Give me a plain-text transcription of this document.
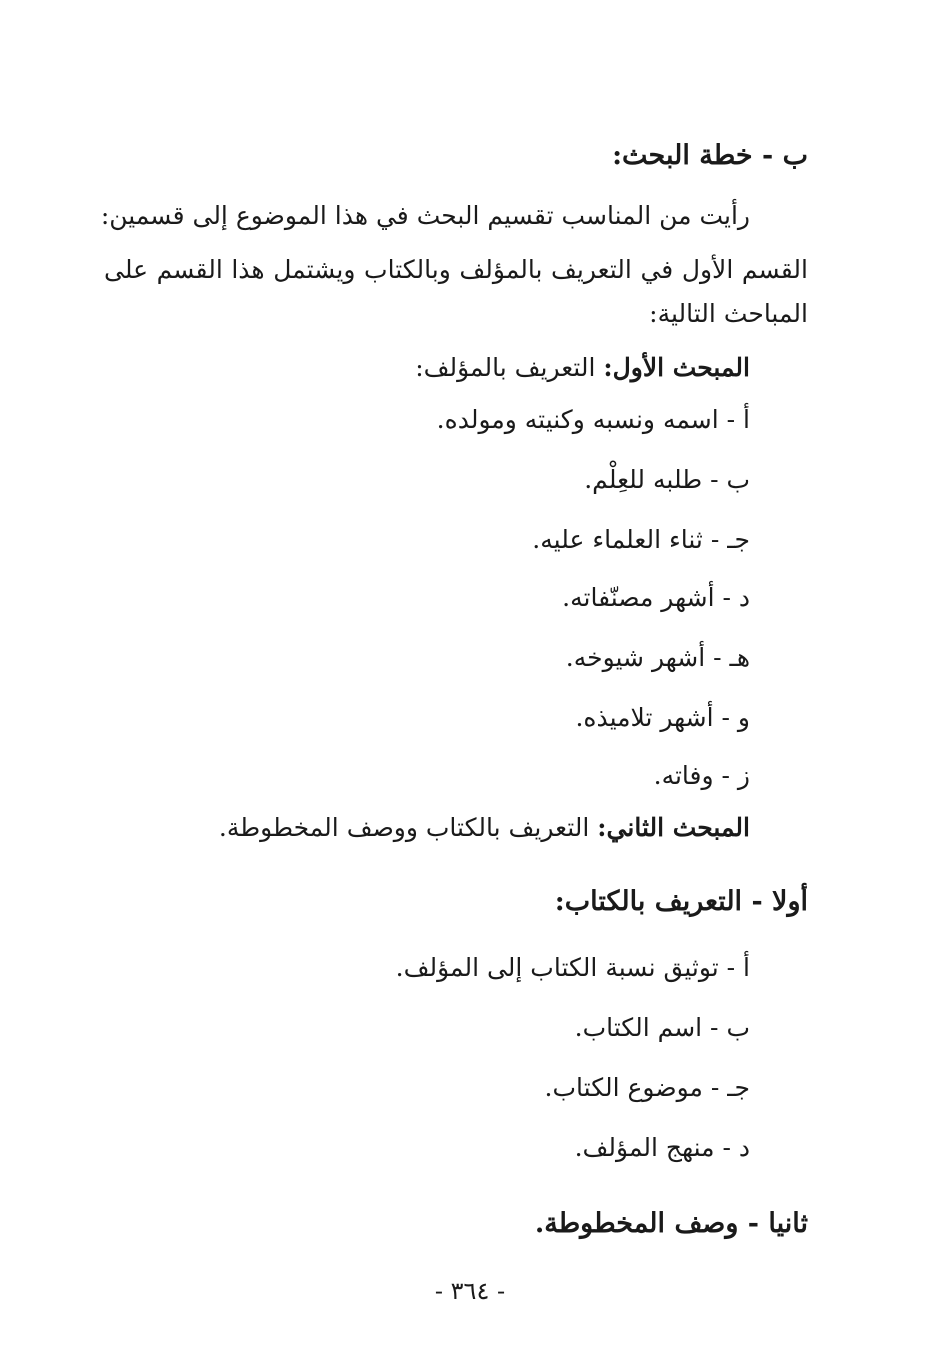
ب - خطة البحث:
رأيت من المناسب تقسيم البحث في هذا الموضوع إلى قسمين:
القسم الأول في التعريف بالمؤلف وبالكتاب ويشتمل هذا القسم على
المباحث التالية:
المبحث الأول: التعريف بالمؤلف:
أ - اسمه ونسبه وكنيته ومولده.
ب - طلبه للعِلْم.
جـ - ثناء العلماء عليه.
د - أشهر مصنّفاته.
هـ - أشهر شيوخه.
و - أشهر تلاميذه.
ز - وفاته.
المبحث الثاني: التعريف بالكتاب ووصف المخطوطة.
أولا - التعريف بالكتاب:
أ - توثيق نسبة الكتاب إلى المؤلف.
ب - اسم الكتاب.
جـ - موضوع الكتاب.
د - منهج المؤلف.
ثانيا - وصف المخطوطة.
- ٣٦٤ -
